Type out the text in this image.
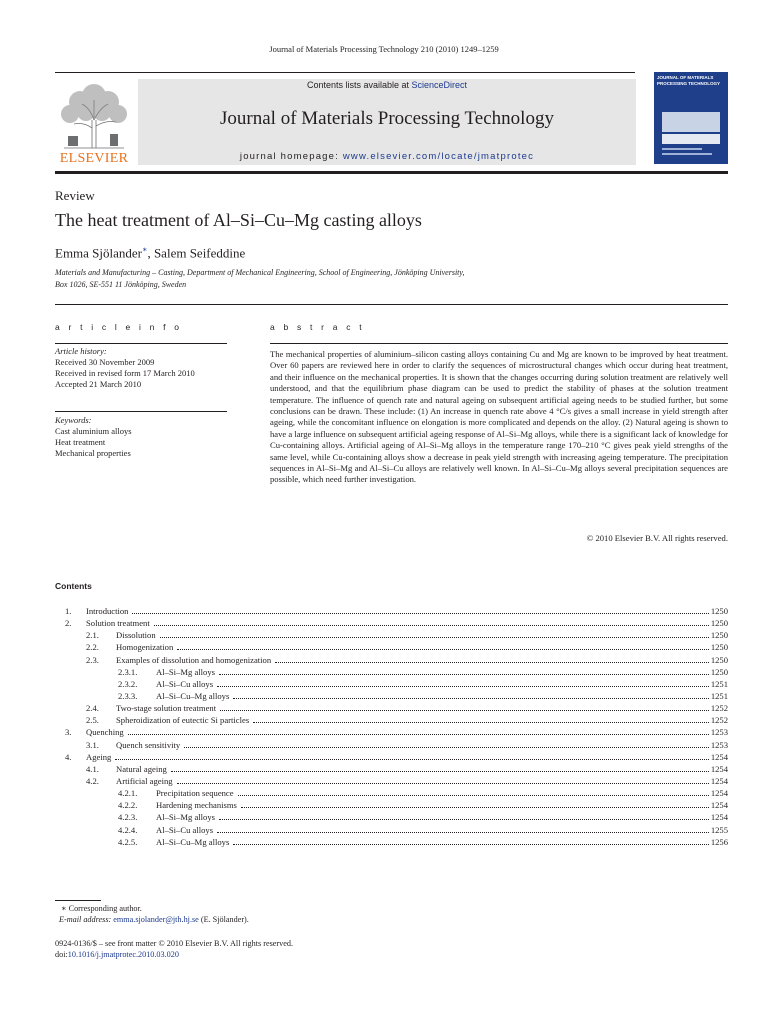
Journal of Materials Processing Technology 210 (2010) 1249–1259
ELSEVIER
Contents lists available at ScienceDirect
Journal of Materials Processing Technology
journal homepage: www.elsevier.com/locate/jmatprotec
JOURNAL OF MATERIALS PROCESSING TECHNOLOGY
Review
The heat treatment of Al–Si–Cu–Mg casting alloys
Emma Sjölander∗, Salem Seifeddine
Materials and Manufacturing – Casting, Department of Mechanical Engineering, School of Engineering, Jönköping University,
Box 1026, SE-551 11 Jönköping, Sweden
a r t i c l e i n f o
Article history:
Received 30 November 2009
Received in revised form 17 March 2010
Accepted 21 March 2010
Keywords:
Cast aluminium alloys
Heat treatment
Mechanical properties
a b s t r a c t
The mechanical properties of aluminium–silicon casting alloys containing Cu and Mg are known to be improved by heat treatment. Over 60 papers are reviewed here in order to clarify the sequences of microstructural changes which occur during heat treatment, and their influence on the mechanical properties. It is shown that the changes occurring during solution treatment are relatively well understood, and that the equilibrium phase diagram can be used to predict the stability of phases at the solution treatment temperature. The influence of quench rate and natural ageing on subsequent artificial ageing needs to be studied further, but some conclusions can be drawn. These include: (1) An increase in quench rate above 4 °C/s gives a small increase in yield strength after ageing, while the concomitant influence on elongation is more complicated and depends on the alloy. (2) Natural ageing is shown to have a large influence on subsequent artificial ageing response of Al–Si–Mg alloys, while there is a significant lack of knowledge for Cu-containing alloys. Artificial ageing of Al–Si–Mg alloys in the temperature range 170–210 °C gives peak yield strengths of the same level, while Cu-containing alloys show a decrease in peak yield strength with increasing ageing temperature. The precipitation sequences in Al–Si–Mg and Al–Si–Cu alloys are relatively well known. In Al–Si–Cu–Mg alloys several precipitation sequences are possible, which need further investigation.
© 2010 Elsevier B.V. All rights reserved.
Contents
1.	Introduction	1250
2.	Solution treatment	1250
2.1.	Dissolution	1250
2.2.	Homogenization	1250
2.3.	Examples of dissolution and homogenization	1250
2.3.1.	Al–Si–Mg alloys	1250
2.3.2.	Al–Si–Cu alloys	1251
2.3.3.	Al–Si–Cu–Mg alloys	1251
2.4.	Two-stage solution treatment	1252
2.5.	Spheroidization of eutectic Si particles	1252
3.	Quenching	1253
3.1.	Quench sensitivity	1253
4.	Ageing	1254
4.1.	Natural ageing	1254
4.2.	Artificial ageing	1254
4.2.1.	Precipitation sequence	1254
4.2.2.	Hardening mechanisms	1254
4.2.3.	Al–Si–Mg alloys	1254
4.2.4.	Al–Si–Cu alloys	1255
4.2.5.	Al–Si–Cu–Mg alloys	1256
∗ Corresponding author.
E-mail address: emma.sjolander@jth.hj.se (E. Sjölander).
0924-0136/$ – see front matter © 2010 Elsevier B.V. All rights reserved.
doi:10.1016/j.jmatprotec.2010.03.020
